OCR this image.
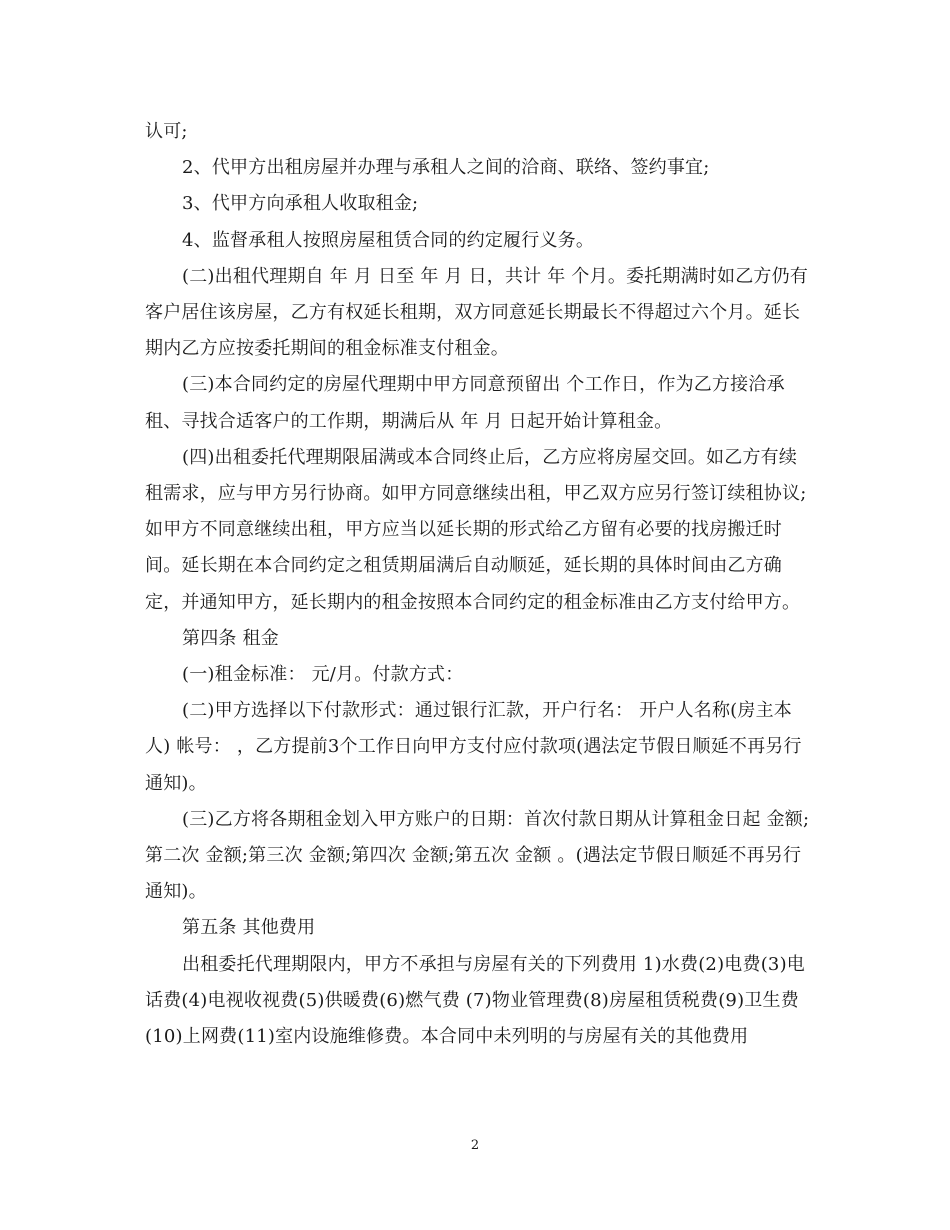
认可;

2、代甲方出租房屋并办理与承租人之间的洽商、联络、签约事宜;

3、代甲方向承租人收取租金;

4、监督承租人按照房屋租赁合同的约定履行义务。

(二)出租代理期自 年 月 日至 年 月 日，共计 年 个月。委托期满时如乙方仍有客户居住该房屋，乙方有权延长租期，双方同意延长期最长不得超过六个月。延长期内乙方应按委托期间的租金标准支付租金。

(三)本合同约定的房屋代理期中甲方同意预留出 个工作日，作为乙方接洽承租、寻找合适客户的工作期，期满后从 年 月 日起开始计算租金。

(四)出租委托代理期限届满或本合同终止后，乙方应将房屋交回。如乙方有续租需求，应与甲方另行协商。如甲方同意继续出租，甲乙双方应另行签订续租协议;如甲方不同意继续出租，甲方应当以延长期的形式给乙方留有必要的找房搬迁时间。延长期在本合同约定之租赁期届满后自动顺延，延长期的具体时间由乙方确定，并通知甲方，延长期内的租金按照本合同约定的租金标准由乙方支付给甲方。

第四条 租金

(一)租金标准： 元/月。付款方式：

(二)甲方选择以下付款形式：通过银行汇款，开户行名： 开户人名称(房主本人) 帐号： ，乙方提前3个工作日向甲方支付应付款项(遇法定节假日顺延不再另行通知)。

(三)乙方将各期租金划入甲方账户的日期：首次付款日期从计算租金日起 金额;第二次 金额;第三次 金额;第四次 金额;第五次 金额 。(遇法定节假日顺延不再另行通知)。

第五条 其他费用

出租委托代理期限内，甲方不承担与房屋有关的下列费用 1)水费(2)电费(3)电话费(4)电视收视费(5)供暖费(6)燃气费 (7)物业管理费(8)房屋租赁税费(9)卫生费(10)上网费(11)室内设施维修费。本合同中未列明的与房屋有关的其他费用

2
